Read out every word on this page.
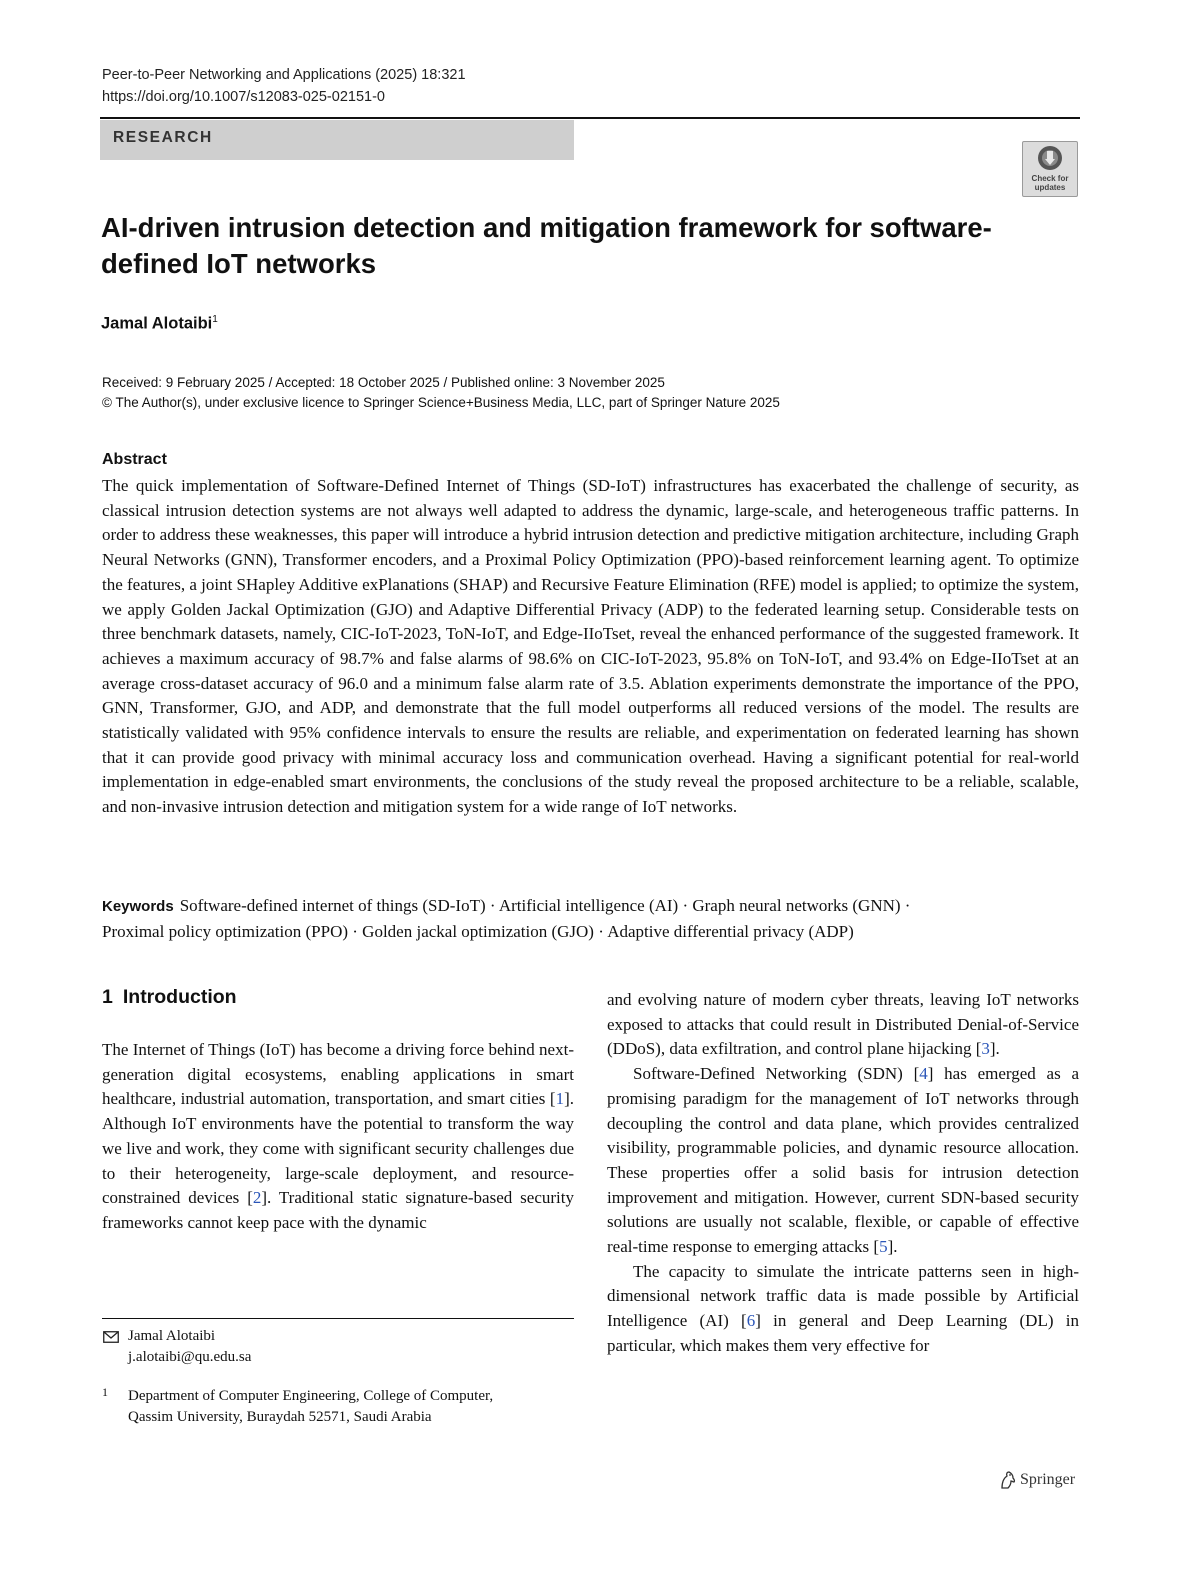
Peer-to-Peer Networking and Applications (2025) 18:321
https://doi.org/10.1007/s12083-025-02151-0
RESEARCH
Check for updates
AI-driven intrusion detection and mitigation framework for software-
defined IoT networks
Jamal Alotaibi$^1$
Received: 9 February 2025 / Accepted: 18 October 2025 / Published online: 3 November 2025
© The Author(s), under exclusive licence to Springer Science+Business Media, LLC, part of Springer Nature 2025
Abstract
The quick implementation of Software-Defined Internet of Things (SD-IoT) infrastructures has exacerbated the challenge of security, as classical intrusion detection systems are not always well adapted to address the dynamic, large-scale, and heterogeneous traffic patterns. In order to address these weaknesses, this paper will introduce a hybrid intrusion detection and predictive mitigation architecture, including Graph Neural Networks (GNN), Transformer encoders, and a Proximal Policy Optimization (PPO)-based reinforcement learning agent. To optimize the features, a joint SHapley Additive exPlanations (SHAP) and Recursive Feature Elimination (RFE) model is applied; to optimize the system, we apply Golden Jackal Optimization (GJO) and Adaptive Differential Privacy (ADP) to the federated learning setup. Considerable tests on three benchmark datasets, namely, CIC-IoT-2023, ToN-IoT, and Edge-IIoTset, reveal the enhanced performance of the suggested framework. It achieves a maximum accuracy of 98.7% and false alarms of 98.6% on CIC-IoT-2023, 95.8% on ToN-IoT, and 93.4% on Edge-IIoTset at an average cross-dataset accuracy of 96.0 and a minimum false alarm rate of 3.5. Ablation experiments demonstrate the importance of the PPO, GNN, Transformer, GJO, and ADP, and demonstrate that the full model outperforms all reduced versions of the model. The results are statistically validated with 95% confidence intervals to ensure the results are reliable, and experimentation on federated learning has shown that it can provide good privacy with minimal accuracy loss and communication overhead. Having a significant potential for real-world implementation in edge-enabled smart environments, the conclusions of the study reveal the proposed architecture to be a reliable, scalable, and non-invasive intrusion detection and mitigation system for a wide range of IoT networks.
Keywords Software-defined internet of things (SD-IoT) · Artificial intelligence (AI) · Graph neural networks (GNN) ·
Proximal policy optimization (PPO) · Golden jackal optimization (GJO) · Adaptive differential privacy (ADP)
1 Introduction

The Internet of Things (IoT) has become a driving force behind next-generation digital ecosystems, enabling applications in smart healthcare, industrial automation, transportation, and smart cities [1]. Although IoT environments have the potential to transform the way we live and work, they come with significant security challenges due to their heterogeneity, large-scale deployment, and resource-constrained devices [2]. Traditional static signature-based security frameworks cannot keep pace with the dynamic

and evolving nature of modern cyber threats, leaving IoT networks exposed to attacks that could result in Distributed Denial-of-Service (DDoS), data exfiltration, and control plane hijacking [3].

Software-Defined Networking (SDN) [4] has emerged as a promising paradigm for the management of IoT networks through decoupling the control and data plane, which provides centralized visibility, programmable policies, and dynamic resource allocation. These properties offer a solid basis for intrusion detection improvement and mitigation. However, current SDN-based security solutions are usually not scalable, flexible, or capable of effective real-time response to emerging attacks [5].

The capacity to simulate the intricate patterns seen in high-dimensional network traffic data is made possible by Artificial Intelligence (AI) [6] in general and Deep Learning (DL) in particular, which makes them very effective for

Jamal Alotaibi
j.alotaibi@qu.edu.sa
1 Department of Computer Engineering, College of Computer,
Qassim University, Buraydah 52571, Saudi Arabia
Springer
